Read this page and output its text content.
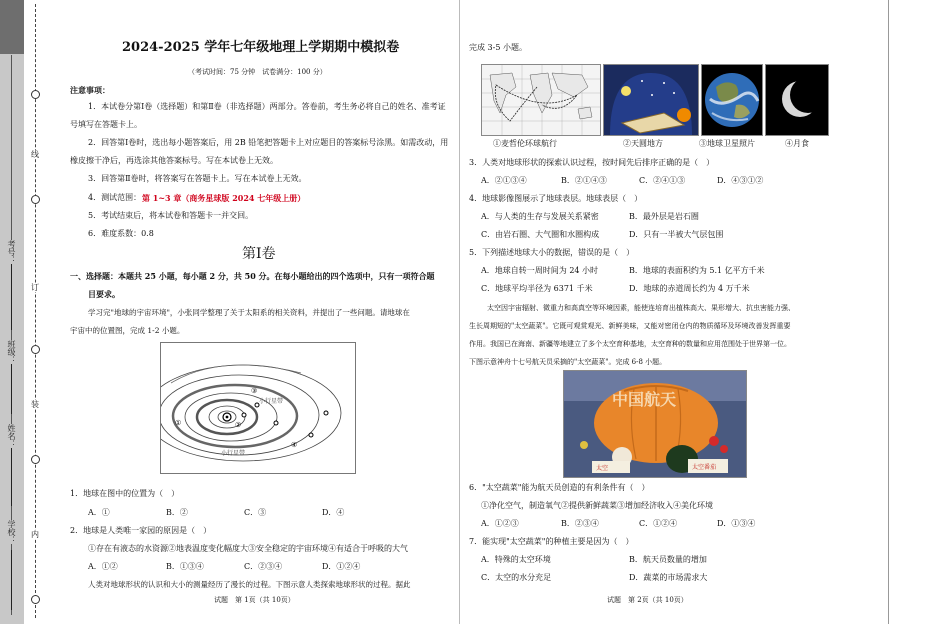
学校：
姓名：
班级：
考号：
线
订
装
内
2024-2025 学年七年级地理上学期期中模拟卷
（考试时间：75 分钟　试卷满分：100 分）
注意事项：
1．本试卷分第Ⅰ卷（选择题）和第Ⅱ卷（非选择题）两部分。答卷前，考生务必将自己的姓名、准考证
号填写在答题卡上。
2．回答第Ⅰ卷时，选出每小题答案后，用 2B 铅笔把答题卡上对应题目的答案标号涂黑。如需改动，用
橡皮擦干净后，再选涂其他答案标号。写在本试卷上无效。
3．回答第Ⅱ卷时，将答案写在答题卡上。写在本试卷上无效。
4．测试范围： 第 1~3 章（商务星球版 2024 七年级上册）
5．考试结束后，将本试卷和答题卡一并交回。
6．难度系数：0.8
第Ⅰ卷
一、选择题：本题共 25 小题，每小题 2 分，共 50 分。在每小题给出的四个选项中，只有一项符合题
目要求。
学习完"地球的宇宙环境"，小张同学整理了关于太阳系的相关资料，并提出了一些问题。请地球在
宇宙中的位置图，完成 1-2 小题。
小行星带
小行星带
①	②
③
④
1．地球在图中的位置为（　）
A．①	B．②	C．③	D．④
2．地球是人类唯一家园的原因是（　）
①存在有液态的水资源②地表温度变化幅度大③安全稳定的宇宙环境④有适合于呼吸的大气
A．①②	B．①③④	C．②③④	D．①②④
人类对地球形状的认识和大小的测量经历了漫长的过程。下图示意人类探索地球形状的过程。据此
试题　第 1页（共 10页）
完成 3-5 小题。
①麦哲伦环球航行	②天圆地方	③地球卫星照片	④月食
3．人类对地球形状的探索认识过程，按时间先后排序正确的是（　）
A．②①③④	B．②①④③	C．②④①③	D．④③①②
4．地球影像图展示了地球表层。地球表层（　）
A．与人类的生存与发展关系紧密	B．最外层是岩石圈
C．由岩石圈、大气圈和水圈构成	D．只有一半被大气层包围
5．下列描述地球大小的数据，错误的是（　）
A．地球自转一周时间为 24 小时	B．地球的表面积约为 5.1 亿平方千米
C．地球平均半径为 6371 千米	D．地球的赤道周长约为 4 万千米
太空因宇宙辐射、微重力和高真空等环境因素，能使连培育出植株高大、果形增大、抗虫害能力强、
生长周期短的"太空蔬菜"。它既可观赏观光、新鲜美味，又能对密闭仓内的物质循环及环境改善发挥重要
作用。我国已在海南、新疆等地建立了多个太空育种基地，太空育种的数量和应用范围处于世界第一位。
下图示意神舟十七号航天员采摘的"太空蔬菜"。完成 6-8 小题。
中国航天
太空	太空番茄
6．"太空蔬菜"能为航天员创造的有利条件有（　）
①净化空气，制造氧气②提供新鲜蔬菜③增加经济收入④美化环境
A．①②③	B．②③④	C．①②④	D．①③④
7．能实现"太空蔬菜"的种植主要是因为（　）
A．特殊的太空环境	B．航天员数量的增加
C．太空的水分充足	D．蔬菜的市场需求大
试题　第 2页（共 10页）
